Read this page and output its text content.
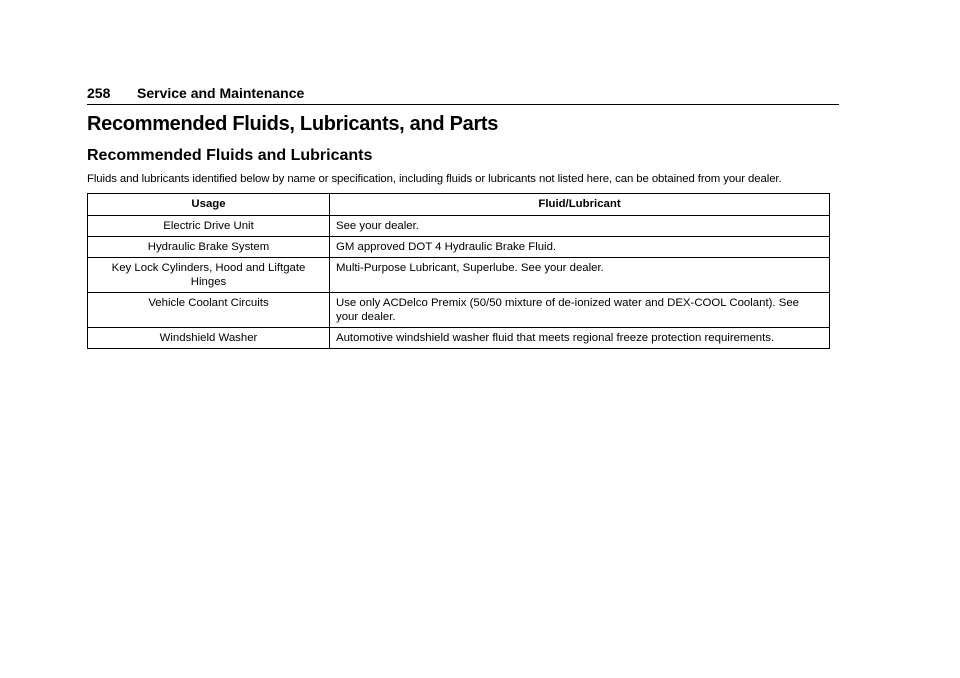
258 Service and Maintenance
Recommended Fluids, Lubricants, and Parts
Recommended Fluids and Lubricants
Fluids and lubricants identified below by name or specification, including fluids or lubricants not listed here, can be obtained from your dealer.
Usage	Fluid/Lubricant
Electric Drive Unit	See your dealer.
Hydraulic Brake System	GM approved DOT 4 Hydraulic Brake Fluid.
Key Lock Cylinders, Hood and Liftgate Hinges	Multi-Purpose Lubricant, Superlube. See your dealer.
Vehicle Coolant Circuits	Use only ACDelco Premix (50/50 mixture of de-ionized water and DEX-COOL Coolant). See your dealer.
Windshield Washer	Automotive windshield washer fluid that meets regional freeze protection requirements.
